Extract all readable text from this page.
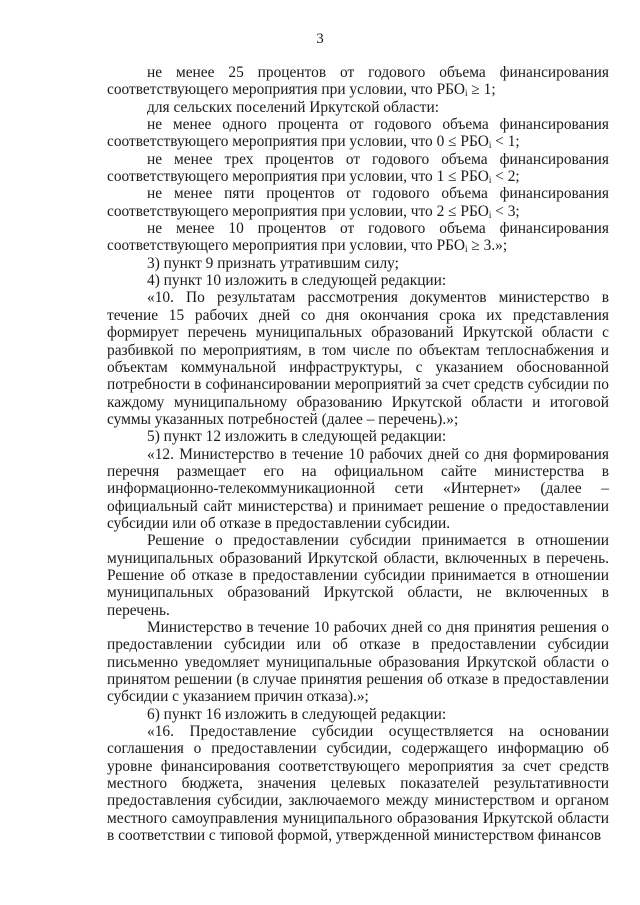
3

не менее 25 процентов от годового объема финансирования соответствующего мероприятия при условии, что $РБО_i \ge 1$;

для сельских поселений Иркутской области:

не менее одного процента от годового объема финансирования соответствующего мероприятия при условии, что $0 \le РБО_i < 1$;

не менее трех процентов от годового объема финансирования соответствующего мероприятия при условии, что $1 \le РБО_i < 2$;

не менее пяти процентов от годового объема финансирования соответствующего мероприятия при условии, что $2 \le РБО_i < 3$;

не менее 10 процентов от годового объема финансирования соответствующего мероприятия при условии, что $РБО_i \ge 3$.»;

3) пункт 9 признать утратившим силу;

4) пункт 10 изложить в следующей редакции:

«10. По результатам рассмотрения документов министерство в течение 15 рабочих дней со дня окончания срока их представления формирует перечень муниципальных образований Иркутской области с разбивкой по мероприятиям, в том числе по объектам теплоснабжения и объектам коммунальной инфраструктуры, с указанием обоснованной потребности в софинансировании мероприятий за счет средств субсидии по каждому муниципальному образованию Иркутской области и итоговой суммы указанных потребностей (далее – перечень).»;

5) пункт 12 изложить в следующей редакции:

«12. Министерство в течение 10 рабочих дней со дня формирования перечня размещает его на официальном сайте министерства в информационно-телекоммуникационной сети «Интернет» (далее – официальный сайт министерства) и принимает решение о предоставлении субсидии или об отказе в предоставлении субсидии.

Решение о предоставлении субсидии принимается в отношении муниципальных образований Иркутской области, включенных в перечень. Решение об отказе в предоставлении субсидии принимается в отношении муниципальных образований Иркутской области, не включенных в перечень.

Министерство в течение 10 рабочих дней со дня принятия решения о предоставлении субсидии или об отказе в предоставлении субсидии письменно уведомляет муниципальные образования Иркутской области о принятом решении (в случае принятия решения об отказе в предоставлении субсидии с указанием причин отказа).»;

6) пункт 16 изложить в следующей редакции:

«16. Предоставление субсидии осуществляется на основании соглашения о предоставлении субсидии, содержащего информацию об уровне финансирования соответствующего мероприятия за счет средств местного бюджета, значения целевых показателей результативности предоставления субсидии, заключаемого между министерством и органом местного самоуправления муниципального образования Иркутской области в соответствии с типовой формой, утвержденной министерством финансов
